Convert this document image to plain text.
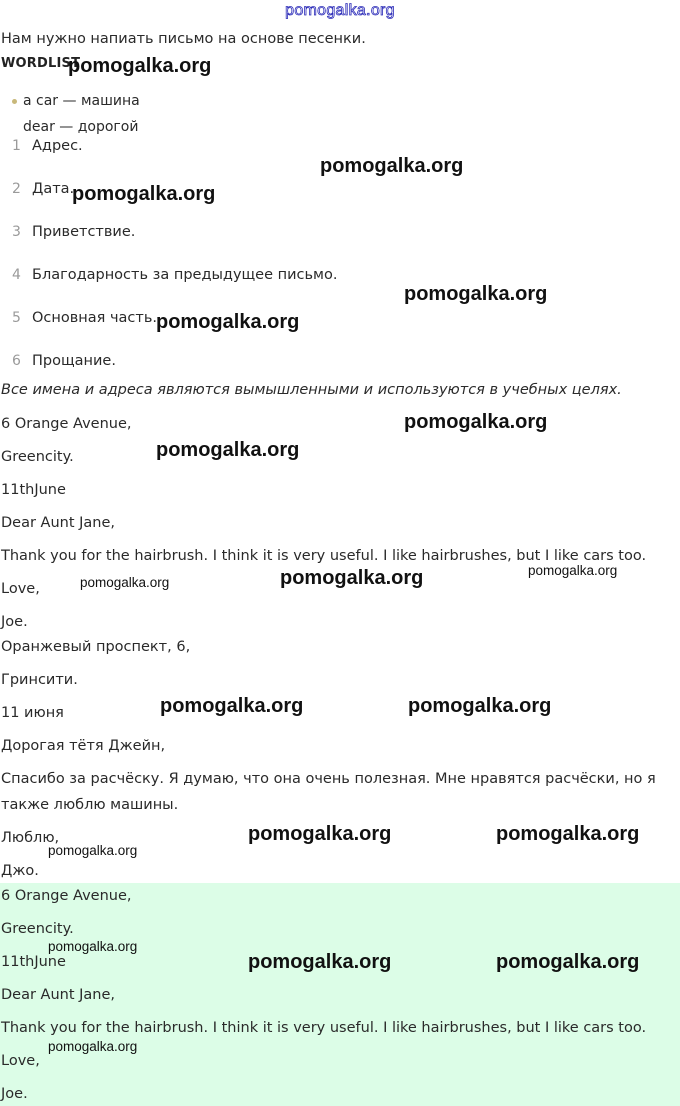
pomogalka.org
Нам нужно напиать письмо на основе песенки.
WORDLIST
a car — машина
dear — дорогой
1 Адрес.
2 Дата.
3 Приветствие.
4 Благодарность за предыдущее письмо.
5 Основная часть.
6 Прощание.
Все имена и адреса являются вымышленными и используются в учебных целях.
6 Orange Avenue,
Greencity.
11thJune
Dear Aunt Jane,
Thank you for the hairbrush. I think it is very useful. I like hairbrushes, but I like cars too.
Love,
Joe.
Оранжевый проспект, 6,
Гринсити.
11 июня
Дорогая тётя Джейн,
Спасибо за расчёску. Я думаю, что она очень полезная. Мне нравятся расчёски, но я
также люблю машины.
Люблю,
Джо.
6 Orange Avenue,
Greencity.
11thJune
Dear Aunt Jane,
Thank you for the hairbrush. I think it is very useful. I like hairbrushes, but I like cars too.
Love,
Joe.
pomogalka.org
pomogalka.org
pomogalka.org
pomogalka.org
pomogalka.org
pomogalka.org
pomogalka.org
pomogalka.org
pomogalka.org
pomogalka.org
pomogalka.org	pomogalka.org
pomogalka.org	pomogalka.org
pomogalka.org
pomogalka.org
pomogalka.org	pomogalka.org
pomogalka.org
